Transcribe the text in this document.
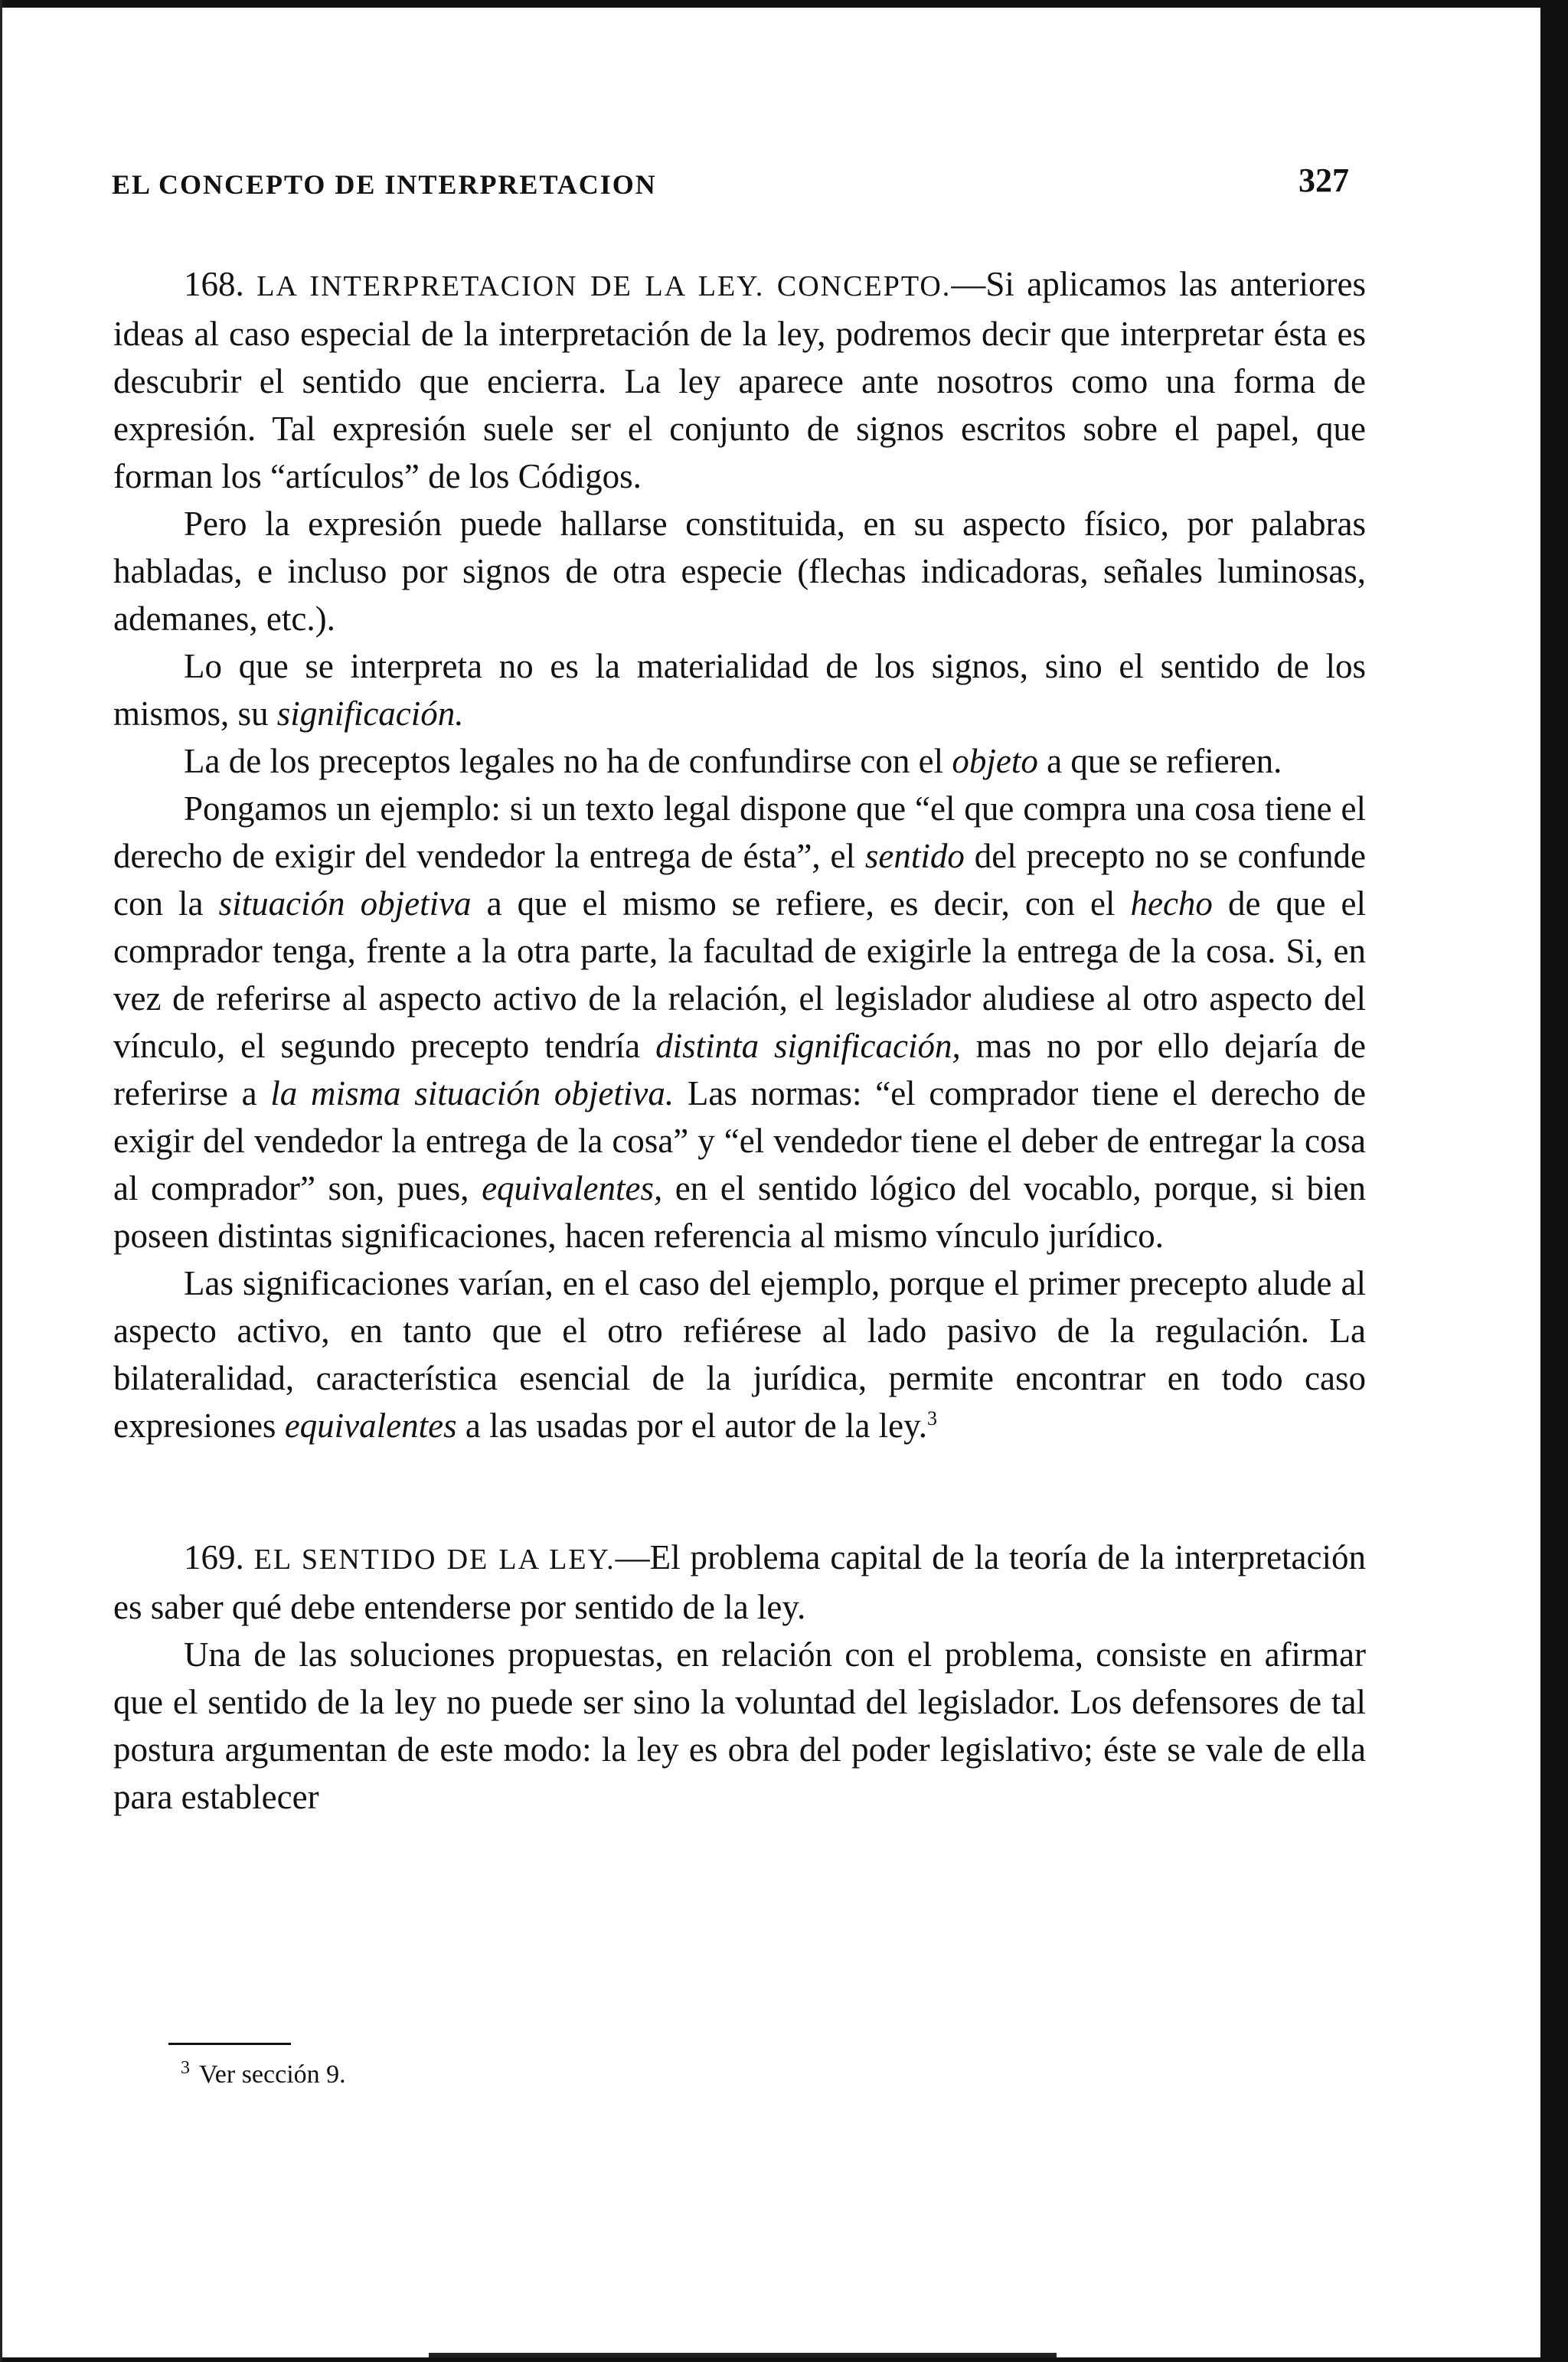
EL CONCEPTO DE INTERPRETACION	327

168. LA INTERPRETACION DE LA LEY. CONCEPTO.—Si aplicamos las anteriores ideas al caso especial de la interpretación de la ley, podremos decir que interpretar ésta es descubrir el sentido que encierra. La ley aparece ante nosotros como una forma de expresión. Tal expresión suele ser el conjunto de signos escritos sobre el papel, que forman los “artículos” de los Códigos.

Pero la expresión puede hallarse constituida, en su aspecto físico, por palabras habladas, e incluso por signos de otra especie (flechas indicadoras, señales luminosas, ademanes, etc.).

Lo que se interpreta no es la materialidad de los signos, sino el sentido de los mismos, su significación.

La de los preceptos legales no ha de confundirse con el objeto a que se refieren.

Pongamos un ejemplo: si un texto legal dispone que “el que compra una cosa tiene el derecho de exigir del vendedor la entrega de ésta”, el sentido del precepto no se confunde con la situación objetiva a que el mismo se refiere, es decir, con el hecho de que el comprador tenga, frente a la otra parte, la facultad de exigirle la entrega de la cosa. Si, en vez de referirse al aspecto activo de la relación, el legislador aludiese al otro aspecto del vínculo, el segundo precepto tendría distinta significación, mas no por ello dejaría de referirse a la misma situación objetiva. Las normas: “el comprador tiene el derecho de exigir del vendedor la entrega de la cosa” y “el vendedor tiene el deber de entregar la cosa al comprador” son, pues, equivalentes, en el sentido lógico del vocablo, porque, si bien poseen distintas significaciones, hacen referencia al mismo vínculo jurídico.

Las significaciones varían, en el caso del ejemplo, porque el primer precepto alude al aspecto activo, en tanto que el otro refiérese al lado pasivo de la regulación. La bilateralidad, característica esencial de la jurídica, permite encontrar en todo caso expresiones equivalentes a las usadas por el autor de la ley.$^3$

169. EL SENTIDO DE LA LEY.—El problema capital de la teoría de la interpretación es saber qué debe entenderse por sentido de la ley.

Una de las soluciones propuestas, en relación con el problema, consiste en afirmar que el sentido de la ley no puede ser sino la voluntad del legislador. Los defensores de tal postura argumentan de este modo: la ley es obra del poder legislativo; éste se vale de ella para establecer

$^3$ Ver sección 9.
